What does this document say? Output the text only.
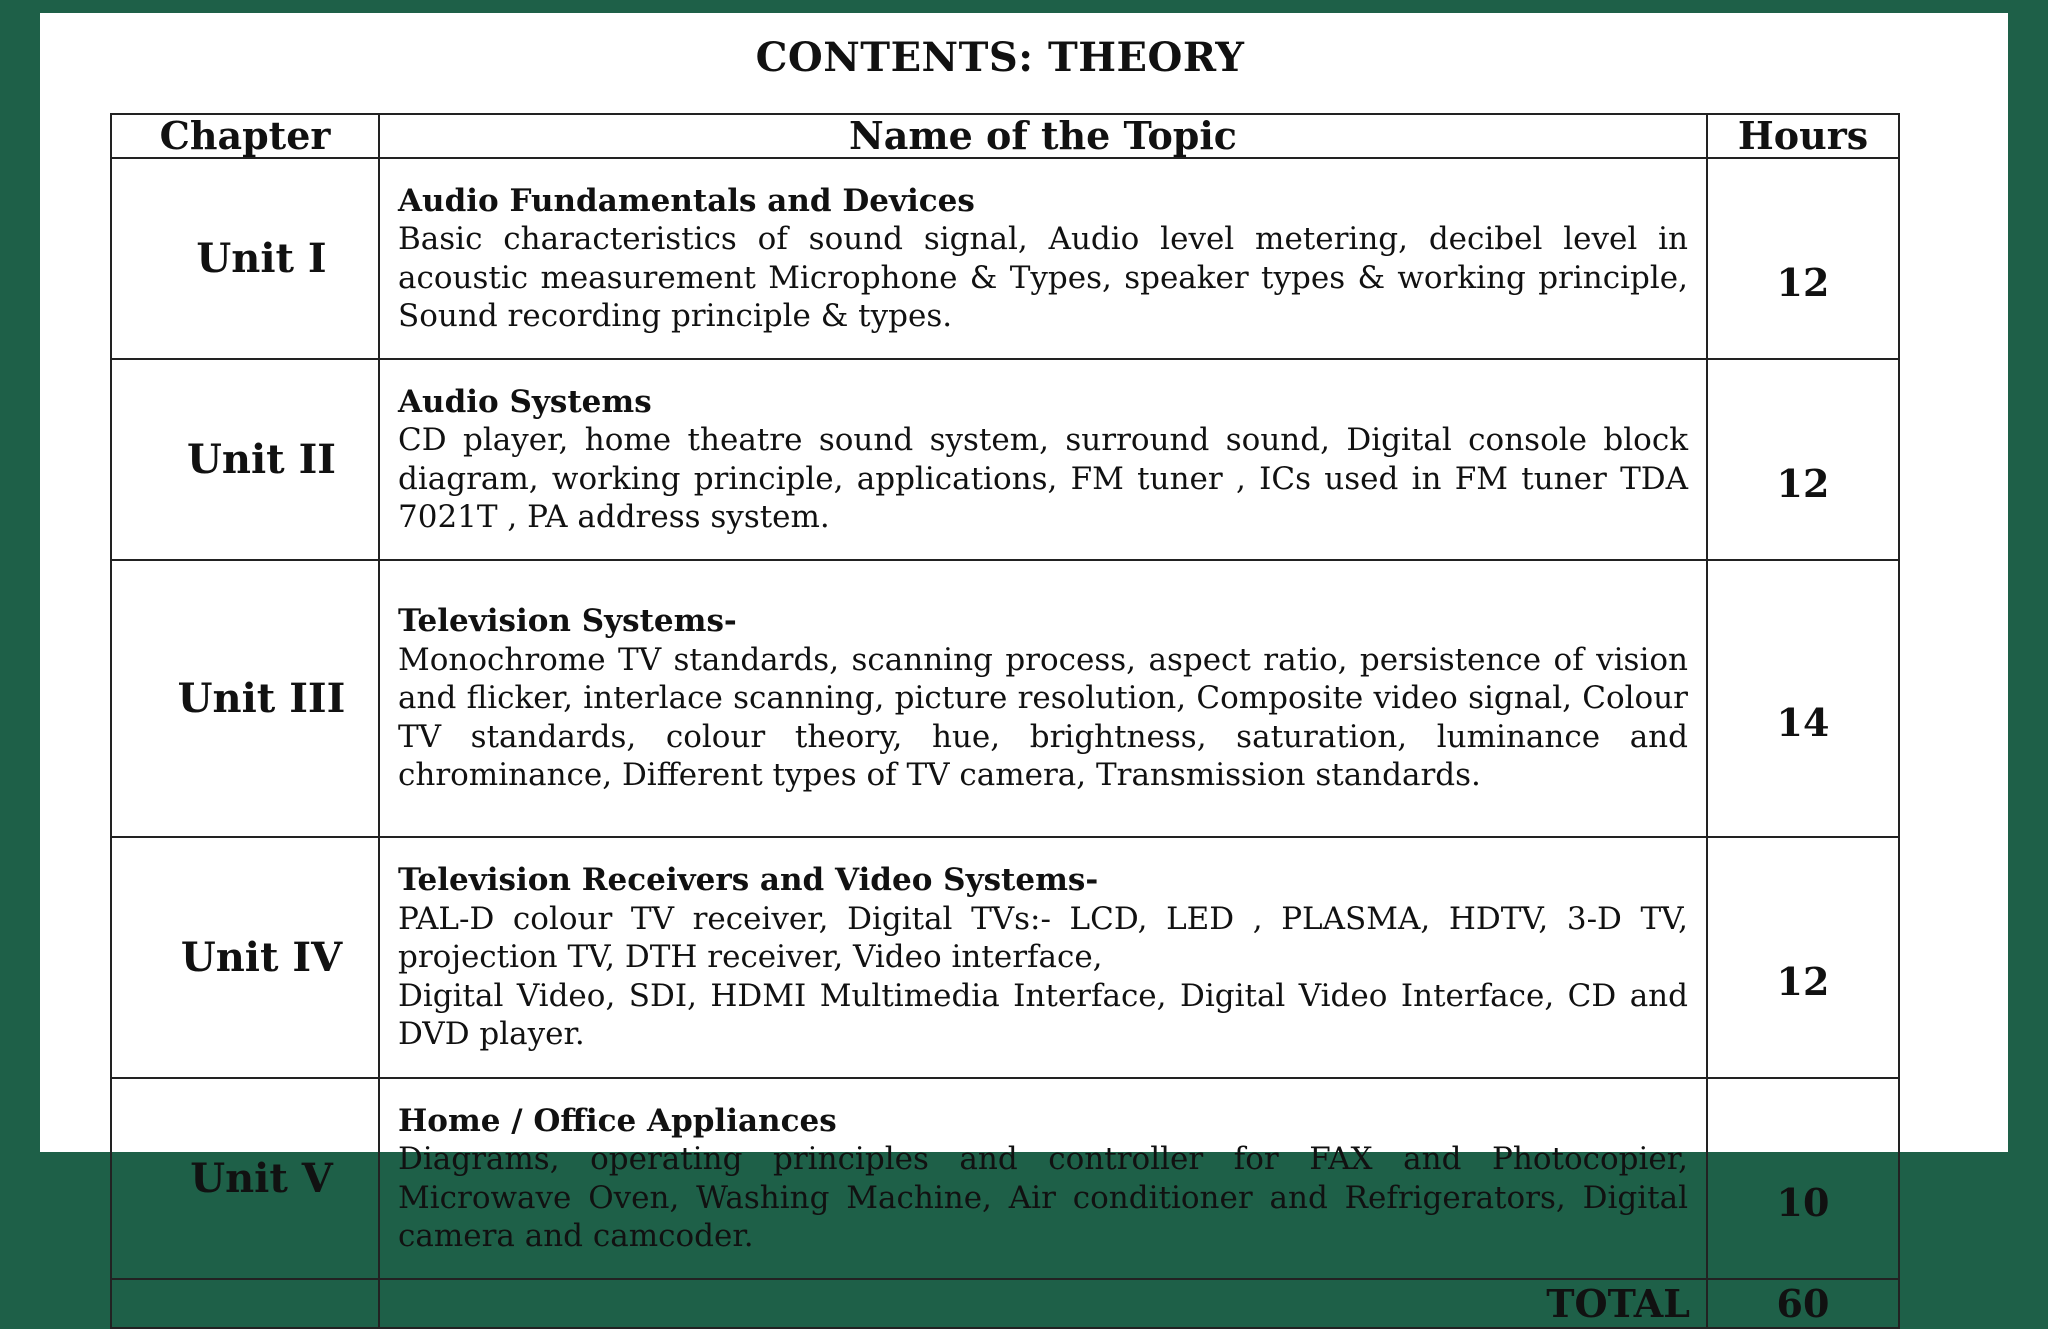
CONTENTS: THEORY
Chapter	Name of the Topic	Hours
Unit I	Audio Fundamentals and Devices
Basic characteristics of sound signal, Audio level metering, decibel level in acoustic measurement Microphone & Types, speaker types & working principle, Sound recording principle & types.	12
Unit II	Audio Systems
CD player, home theatre sound system, surround sound, Digital console block diagram, working principle, applications, FM tuner , ICs used in FM tuner TDA 7021T , PA address system.	12
Unit III	Television Systems-
Monochrome TV standards, scanning process, aspect ratio, persistence of vision and flicker, interlace scanning, picture resolution, Composite video signal, Colour TV standards, colour theory, hue, brightness, saturation, luminance and chrominance, Different types of TV camera, Transmission standards.	14
Unit IV	Television Receivers and Video Systems-
PAL-D colour TV receiver, Digital TVs:- LCD, LED , PLASMA, HDTV, 3-D TV, projection TV, DTH receiver, Video interface,
Digital Video, SDI, HDMI Multimedia Interface, Digital Video Interface, CD and DVD player.	12
Unit V	Home / Office Appliances
Diagrams, operating principles and controller for FAX and Photocopier, Microwave Oven, Washing Machine, Air conditioner and Refrigerators, Digital camera and camcoder.	10
	TOTAL	60
